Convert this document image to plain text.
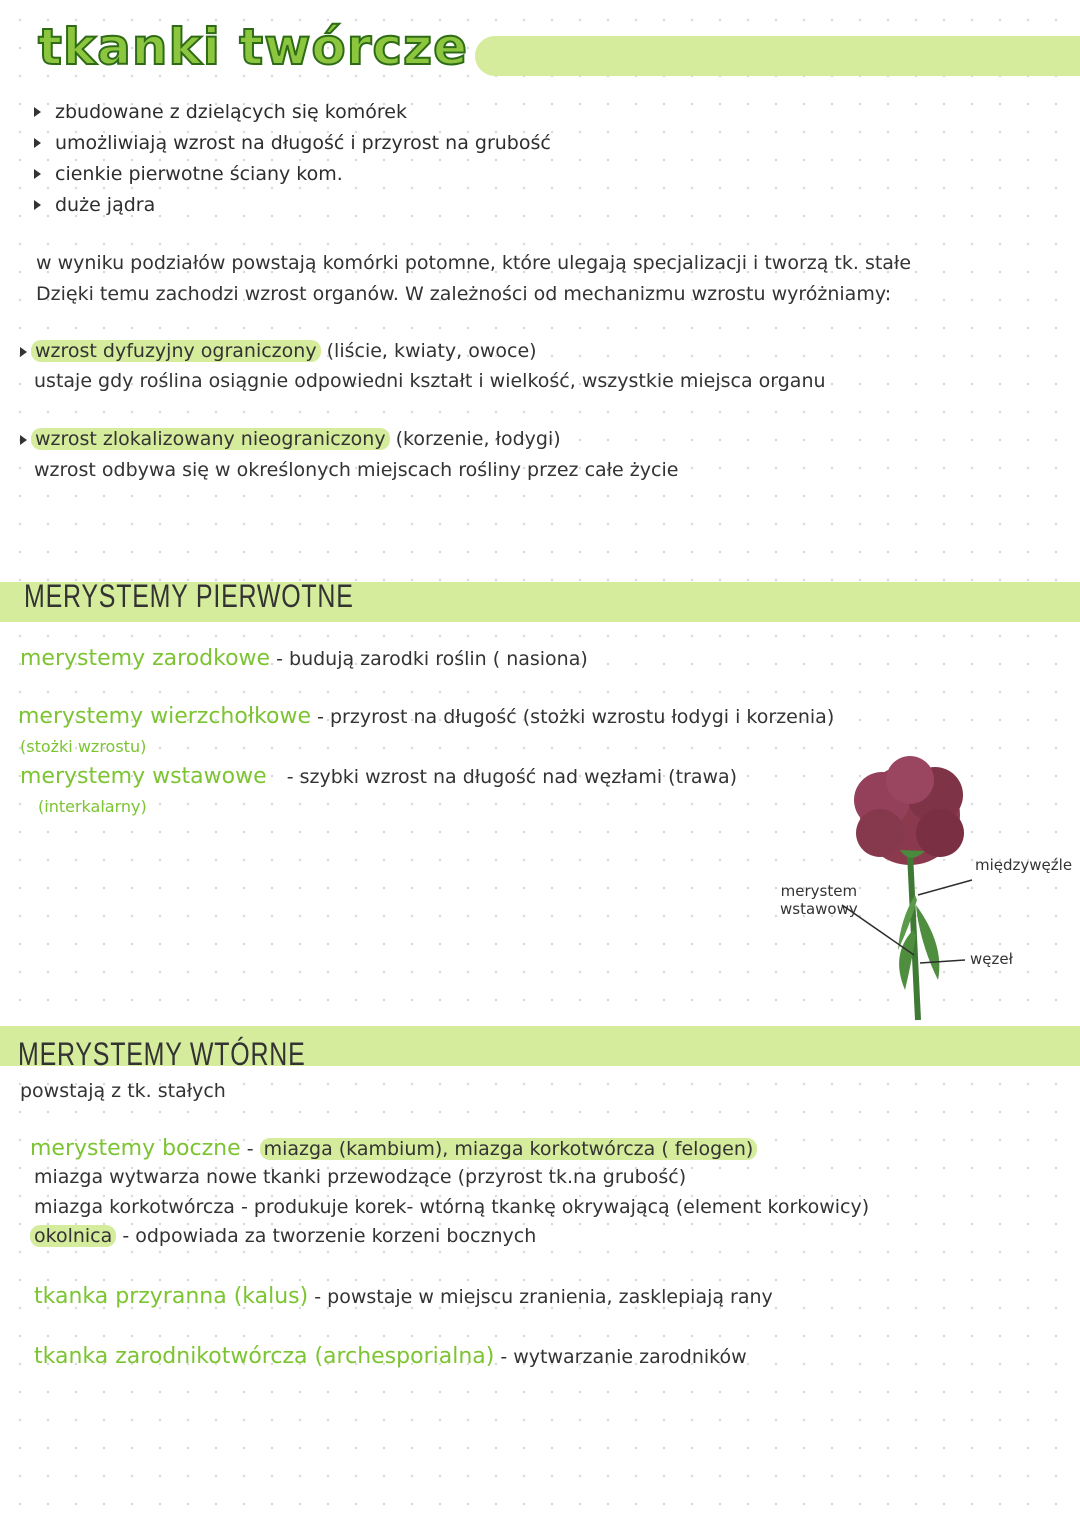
tkanki twórcze
zbudowane z dzielących się komórek
umożliwiają wzrost na długość i przyrost na grubość
cienkie pierwotne ściany kom.
duże jądra
w wyniku podziałów powstają komórki potomne, które ulegają specjalizacji i tworzą tk. stałe
Dzięki temu zachodzi wzrost organów. W zależności od mechanizmu wzrostu wyróżniamy:
wzrost dyfuzyjny ograniczony (liście, kwiaty, owoce)
ustaje gdy roślina osiągnie odpowiedni kształt i wielkość, wszystkie miejsca organu
wzrost zlokalizowany nieograniczony (korzenie, łodygi)
wzrost odbywa się w określonych miejscach rośliny przez całe życie
MERYSTEMY PIERWOTNE
merystemy zarodkowe - budują zarodki roślin ( nasiona)
merystemy wierzchołkowe - przyrost na długość (stożki wzrostu łodygi i korzenia)
(stożki wzrostu)
merystemy wstawowe - szybki wzrost na długość nad węzłami (trawa)
(interkalarny)
merystem
wstawowy
międzywęźle
węzeł
MERYSTEMY WTÓRNE
powstają z tk. stałych
merystemy boczne - miazga (kambium), miazga korkotwórcza ( felogen)
miazga wytwarza nowe tkanki przewodzące (przyrost tk.na grubość)
miazga korkotwórcza - produkuje korek- wtórną tkankę okrywającą (element korkowicy)
okolnica - odpowiada za tworzenie korzeni bocznych
tkanka przyranna (kalus) - powstaje w miejscu zranienia, zasklepiają rany
tkanka zarodnikotwórcza (archesporialna) - wytwarzanie zarodników
